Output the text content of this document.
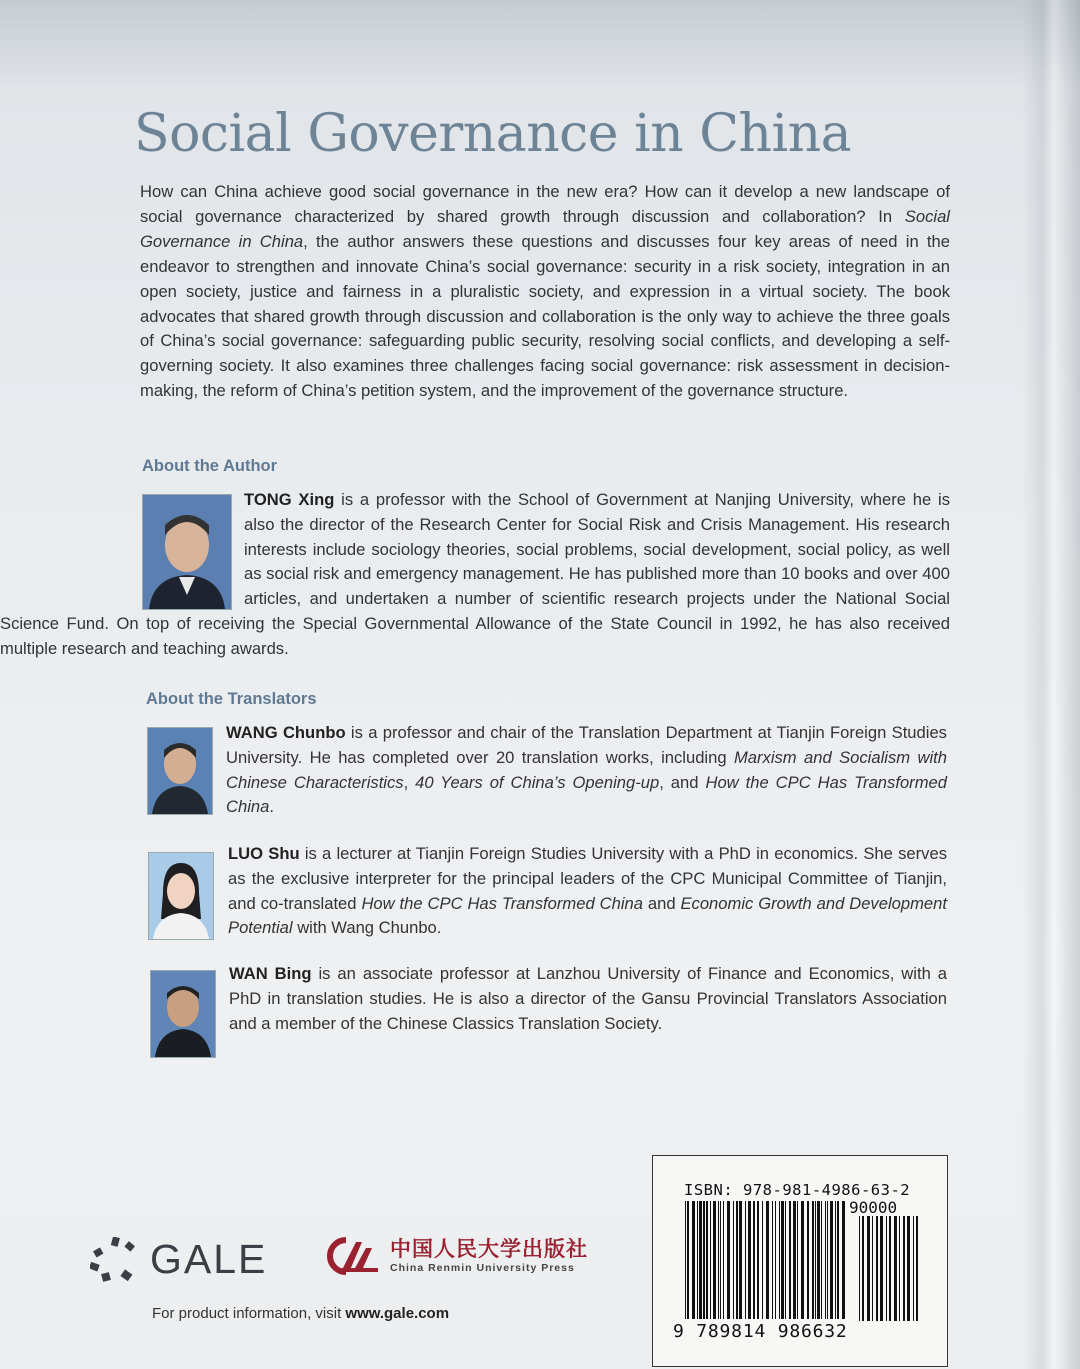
Social Governance in China

How can China achieve good social governance in the new era? How can it develop a new landscape of social governance characterized by shared growth through discussion and collaboration? In Social Governance in China, the author answers these questions and discusses four key areas of need in the endeavor to strengthen and innovate China’s social governance: security in a risk society, integration in an open society, justice and fairness in a pluralistic society, and expression in a virtual society. The book advocates that shared growth through discussion and collaboration is the only way to achieve the three goals of China’s social governance: safeguarding public security, resolving social conflicts, and developing a self-governing society. It also examines three challenges facing social governance: risk assessment in decision-making, the reform of China’s petition system, and the improvement of the governance structure.

About the Author

TONG Xing is a professor with the School of Government at Nanjing University, where he is also the director of the Research Center for Social Risk and Crisis Management. His research interests include sociology theories, social problems, social development, social policy, as well as social risk and emergency management. He has published more than 10 books and over 400 articles, and undertaken a number of scientific research projects under the National Social Science Fund. On top of receiving the Special Governmental Allowance of the State Council in 1992, he has also received multiple research and teaching awards.

About the Translators

WANG Chunbo is a professor and chair of the Translation Department at Tianjin Foreign Studies University. He has completed over 20 translation works, including Marxism and Socialism with Chinese Characteristics, 40 Years of China’s Opening-up, and How the CPC Has Transformed China.

LUO Shu is a lecturer at Tianjin Foreign Studies University with a PhD in economics. She serves as the exclusive interpreter for the principal leaders of the CPC Municipal Committee of Tianjin, and co-translated How the CPC Has Transformed China and Economic Growth and Development Potential with Wang Chunbo.

WAN Bing is an associate professor at Lanzhou University of Finance and Economics, with a PhD in translation studies. He is also a director of the Gansu Provincial Translators Association and a member of the Chinese Classics Translation Society.

GALE	中国人民大学出版社
China Renmin University Press

For product information, visit www.gale.com

ISBN: 978-981-4986-63-2

90000

9 789814 986632
